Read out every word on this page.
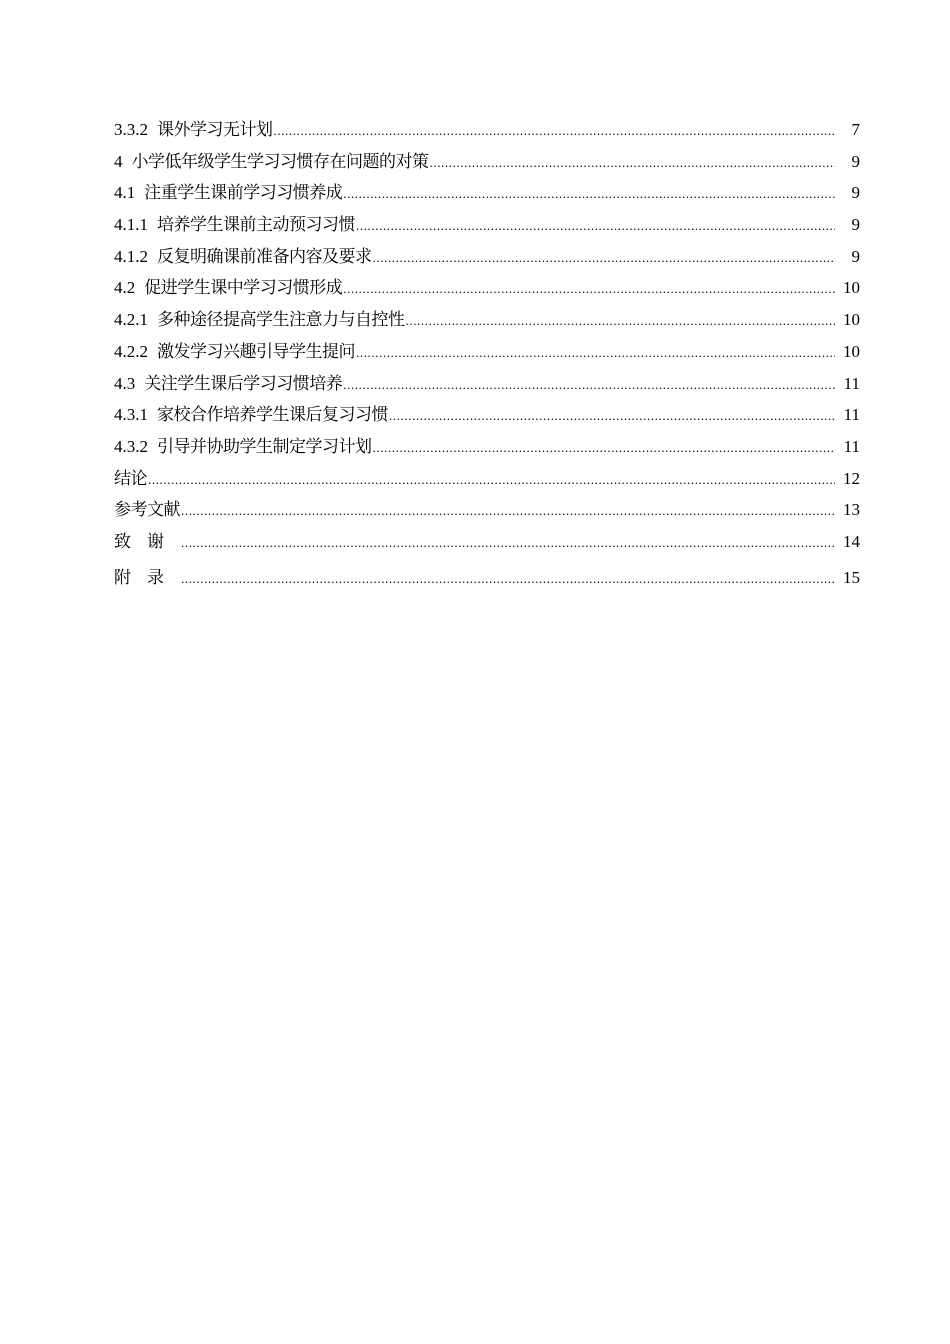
3.3.2 课外学习无计划 .....	7
4 小学低年级学生学习习惯存在问题的对策 .....	9
4.1 注重学生课前学习习惯养成 .....	9
4.1.1 培养学生课前主动预习习惯 .....	9
4.1.2 反复明确课前准备内容及要求 .....	9
4.2 促进学生课中学习习惯形成 .....	10
4.2.1 多种途径提高学生注意力与自控性 .....	10
4.2.2 激发学习兴趣引导学生提问 .....	10
4.3 关注学生课后学习习惯培养 .....	11
4.3.1 家校合作培养学生课后复习习惯 .....	11
4.3.2 引导并协助学生制定学习计划 .....	11
结论 .....	12
参考文献 .....	13
致谢 .....	14
附录 .....	15
